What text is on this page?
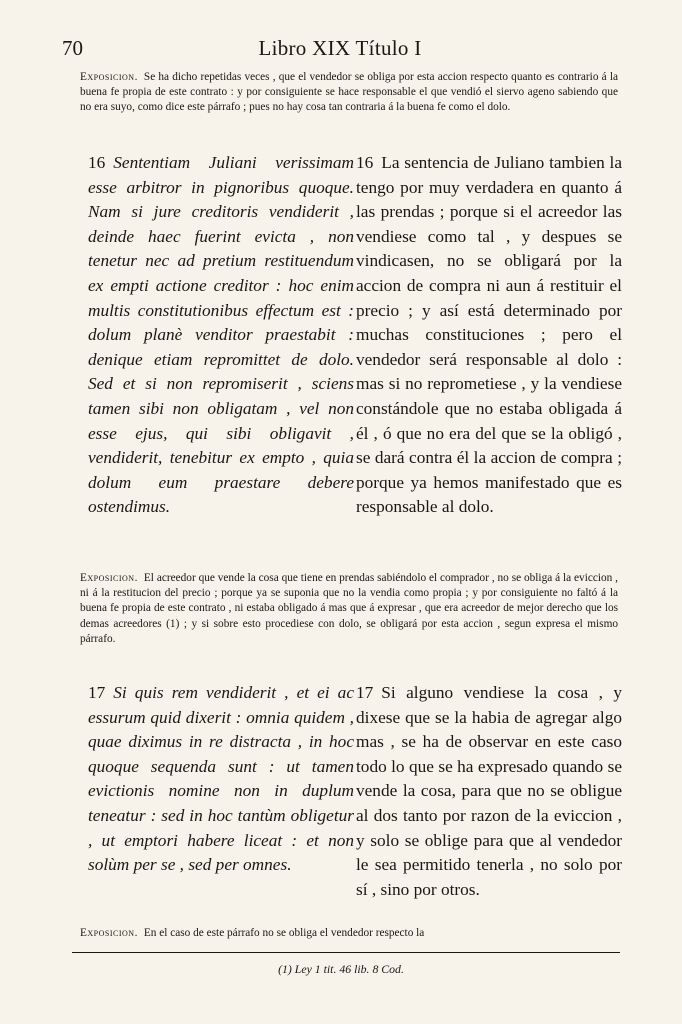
70	Libro XIX Título I
Exposicion. Se ha dicho repetidas veces , que el vendedor se obliga por esta accion respecto quanto es contrario á la buena fe propia de este contrato : y por consiguiente se hace responsable el que vendió el siervo ageno sabiendo que no era suyo, como dice este párrafo ; pues no hay cosa tan contraria á la buena fe como el dolo.
16 Sententiam Juliani verissimam esse arbitror in pignoribus quoque. Nam si jure creditoris vendiderit , deinde haec fuerint evicta , non tenetur nec ad pretium restituendum ex empti actione creditor : hoc enim multis constitutionibus effectum est : dolum planè venditor praestabit : denique etiam repromittet de dolo. Sed et si non repromiserit , sciens tamen sibi non obligatam , vel non esse ejus, qui sibi obligavit , vendiderit, tenebitur ex empto , quia dolum eum praestare debere ostendimus.
16 La sentencia de Juliano tambien la tengo por muy verdadera en quanto á las prendas ; porque si el acreedor las vendiese como tal , y despues se vindicasen, no se obligará por la accion de compra ni aun á restituir el precio ; y así está determinado por muchas constituciones ; pero el vendedor será responsable al dolo : mas si no reprometiese , y la vendiese constándole que no estaba obligada á él , ó que no era del que se la obligó , se dará contra él la accion de compra ; porque ya hemos manifestado que es responsable al dolo.
Exposicion. El acreedor que vende la cosa que tiene en prendas sabiéndolo el comprador , no se obliga á la eviccion , ni á la restitucion del precio ; porque ya se suponia que no la vendia como propia ; y por consiguiente no faltó á la buena fe propia de este contrato , ni estaba obligado á mas que á expresar , que era acreedor de mejor derecho que los demas acreedores (1) ; y si sobre esto procediese con dolo, se obligará por esta accion , segun expresa el mismo párrafo.
17 Si quis rem vendiderit , et ei ac essurum quid dixerit : omnia quidem , quae diximus in re distracta , in hoc quoque sequenda sunt : ut tamen evictionis nomine non in duplum teneatur : sed in hoc tantùm obligetur , ut emptori habere liceat : et non solùm per se , sed per omnes.
17 Si alguno vendiese la cosa , y dixese que se la habia de agregar algo mas , se ha de observar en este caso todo lo que se ha expresado quando se vende la cosa, para que no se obligue al dos tanto por razon de la eviccion , y solo se oblige para que al vendedor le sea permitido tenerla , no solo por sí , sino por otros.
Exposicion. En el caso de este párrafo no se obliga el vendedor respecto la
(1) Ley 1 tit. 46 lib. 8 Cod.
